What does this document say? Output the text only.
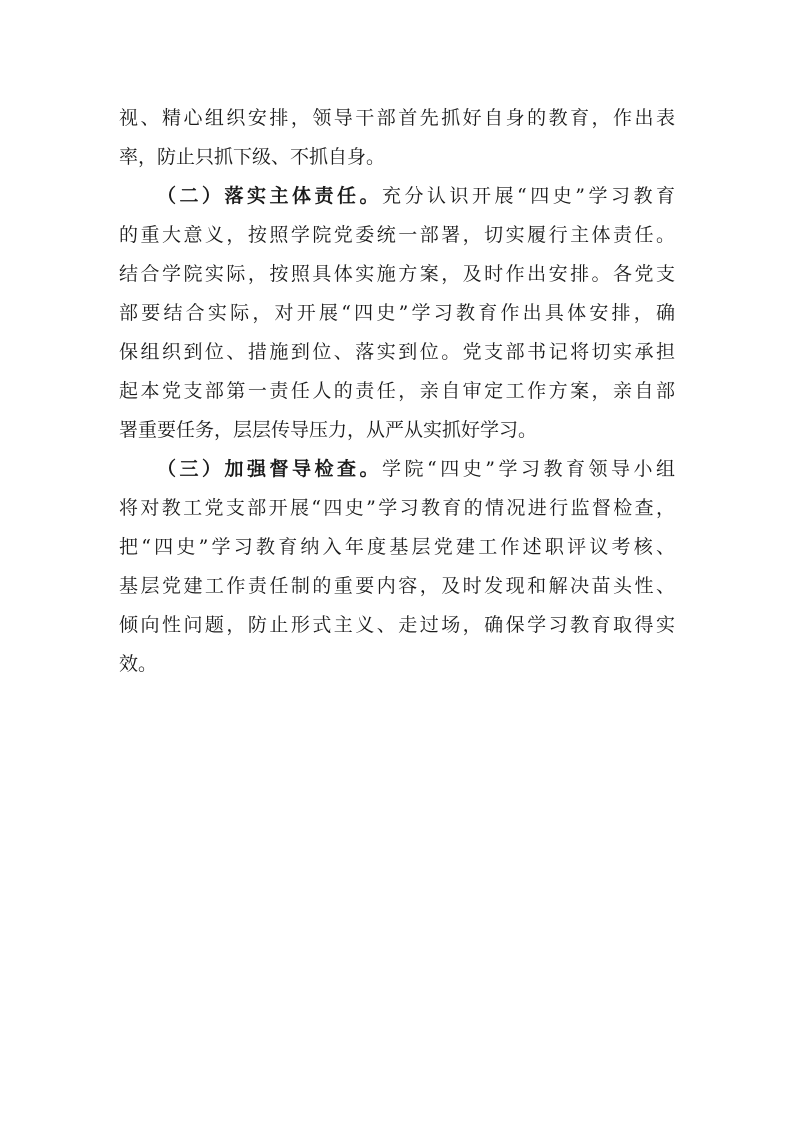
视、精心组织安排，领导干部首先抓好自身的教育，作出表
率，防止只抓下级、不抓自身。
（二）落实主体责任。充分认识开展“四史”学习教育
的重大意义，按照学院党委统一部署，切实履行主体责任。
结合学院实际，按照具体实施方案，及时作出安排。各党支
部要结合实际，对开展“四史”学习教育作出具体安排，确
保组织到位、措施到位、落实到位。党支部书记将切实承担
起本党支部第一责任人的责任，亲自审定工作方案，亲自部
署重要任务，层层传导压力，从严从实抓好学习。
（三）加强督导检查。学院“四史”学习教育领导小组
将对教工党支部开展“四史”学习教育的情况进行监督检查，
把“四史”学习教育纳入年度基层党建工作述职评议考核、
基层党建工作责任制的重要内容，及时发现和解决苗头性、
倾向性问题，防止形式主义、走过场，确保学习教育取得实
效。
